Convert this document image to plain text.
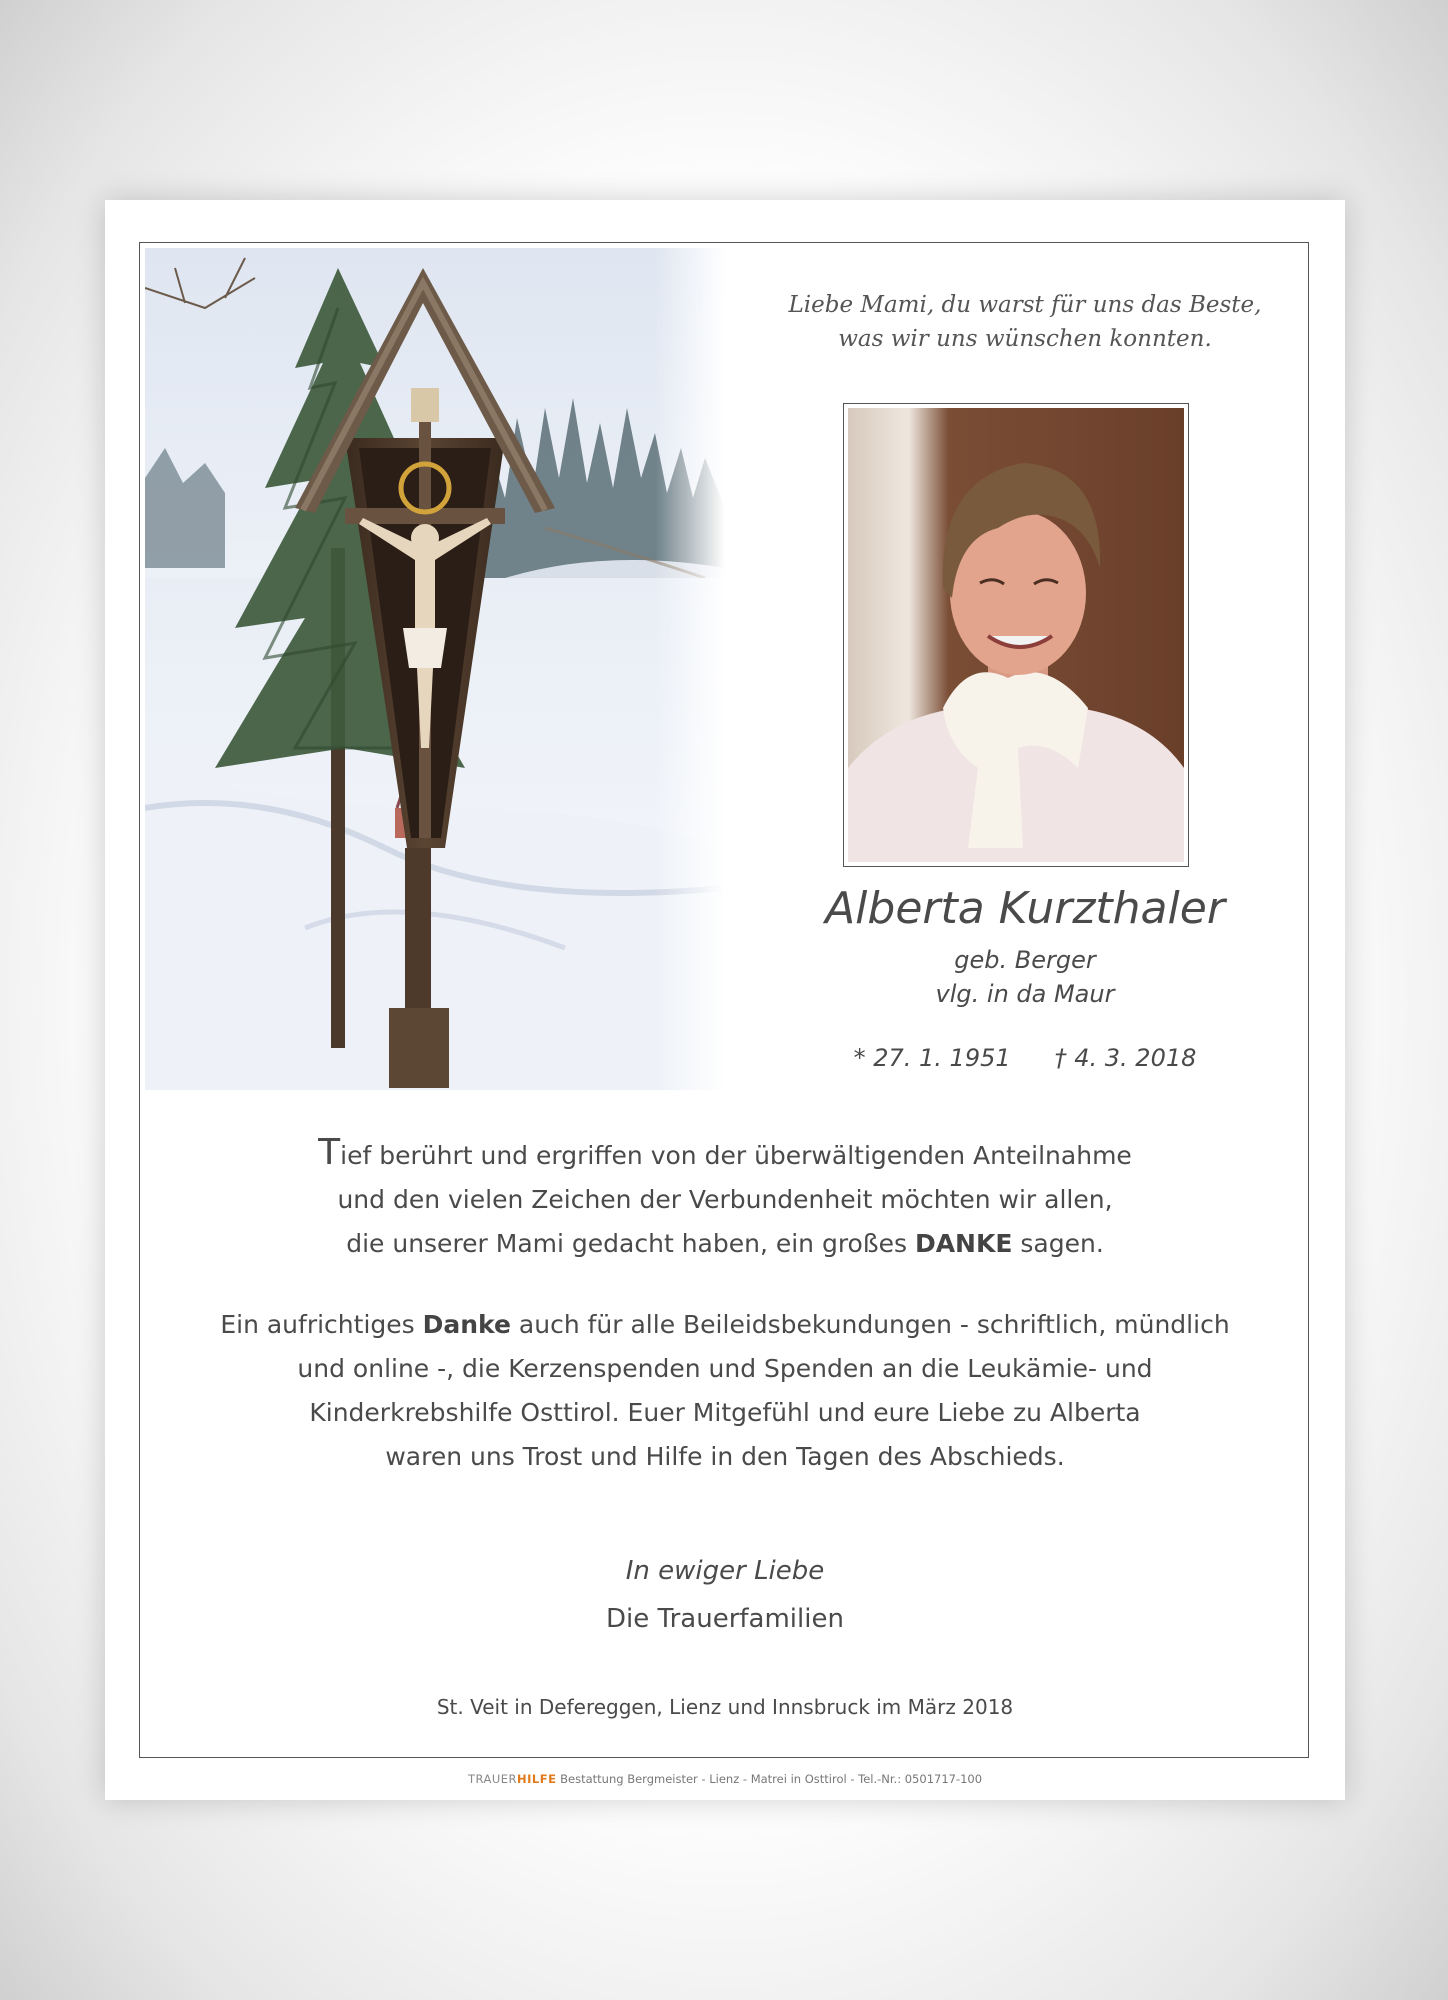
Liebe Mami, du warst für uns das Beste,
was wir uns wünschen konnten.
Alberta Kurzthaler
geb. Berger
vlg. in da Maur
* 27. 1. 1951 † 4. 3. 2018
Tief berührt und ergriffen von der überwältigenden Anteilnahme
und den vielen Zeichen der Verbundenheit möchten wir allen,
die unserer Mami gedacht haben, ein großes DANKE sagen.
Ein aufrichtiges Danke auch für alle Beileidsbekundungen - schriftlich, mündlich
und online -, die Kerzenspenden und Spenden an die Leukämie- und
Kinderkrebshilfe Osttirol. Euer Mitgefühl und eure Liebe zu Alberta
waren uns Trost und Hilfe in den Tagen des Abschieds.
In ewiger Liebe
Die Trauerfamilien
St. Veit in Defereggen, Lienz und Innsbruck im März 2018
TRAUERHILFE Bestattung Bergmeister - Lienz - Matrei in Osttirol - Tel.-Nr.: 0501717-100
